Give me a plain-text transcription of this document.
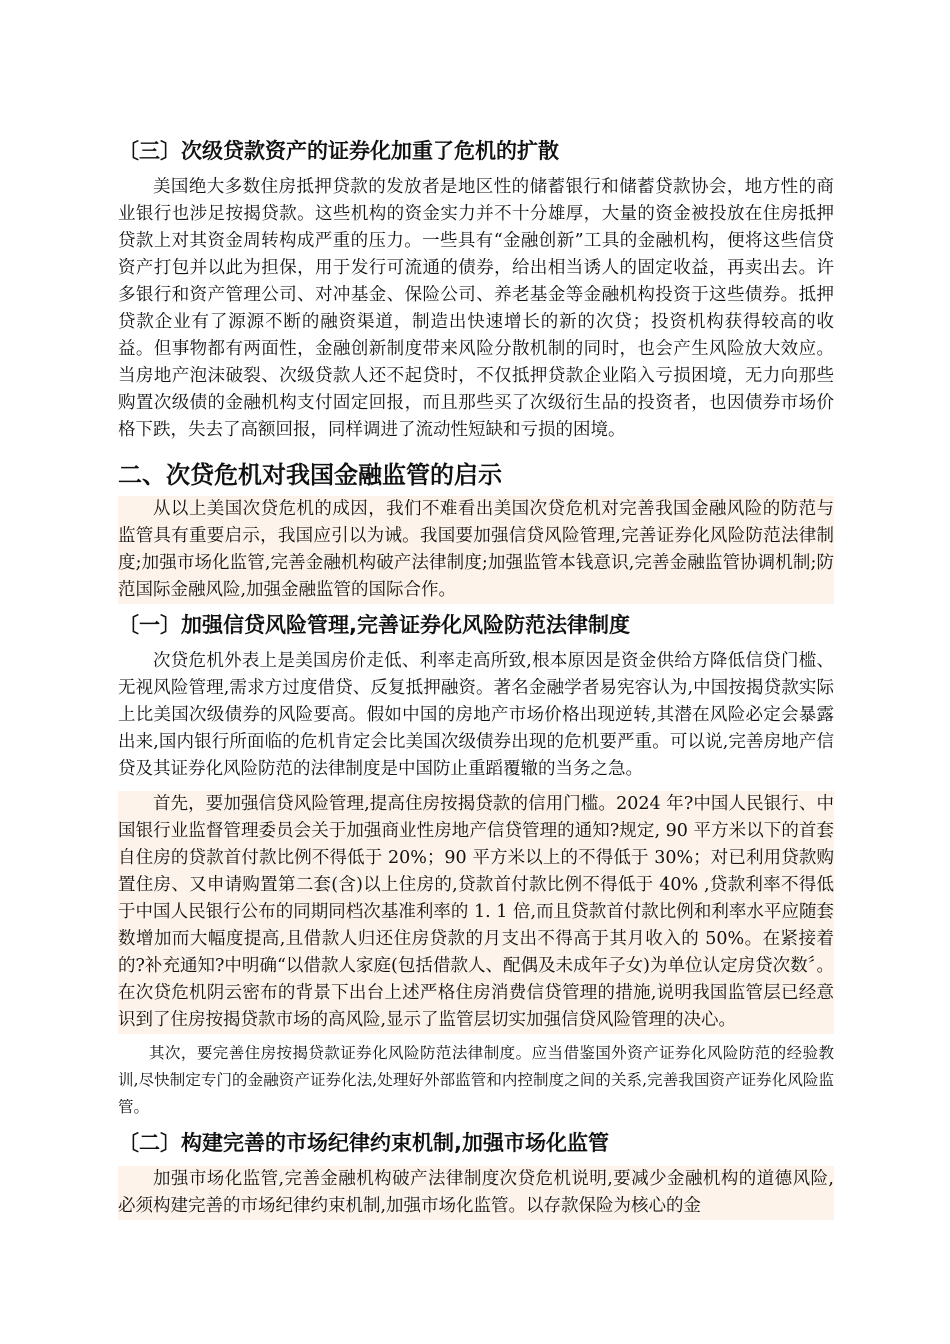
〔三〕次级贷款资产的证券化加重了危机的扩散

美国绝大多数住房抵押贷款的发放者是地区性的储蓄银行和储蓄贷款协会，地方性的商业银行也涉足按揭贷款。这些机构的资金实力并不十分雄厚，大量的资金被投放在住房抵押贷款上对其资金周转构成严重的压力。一些具有“金融创新”工具的金融机构，便将这些信贷资产打包并以此为担保，用于发行可流通的债券，给出相当诱人的固定收益，再卖出去。许多银行和资产管理公司、对冲基金、保险公司、养老基金等金融机构投资于这些债券。抵押贷款企业有了源源不断的融资渠道，制造出快速增长的新的次贷；投资机构获得较高的收益。但事物都有两面性，金融创新制度带来风险分散机制的同时，也会产生风险放大效应。当房地产泡沫破裂、次级贷款人还不起贷时，不仅抵押贷款企业陷入亏损困境，无力向那些购置次级债的金融机构支付固定回报，而且那些买了次级衍生品的投资者，也因债券市场价格下跌，失去了高额回报，同样调进了流动性短缺和亏损的困境。

二、次贷危机对我国金融监管的启示

从以上美国次贷危机的成因，我们不难看出美国次贷危机对完善我国金融风险的防范与监管具有重要启示，我国应引以为诫。我国要加强信贷风险管理,完善证券化风险防范法律制度;加强市场化监管,完善金融机构破产法律制度;加强监管本钱意识,完善金融监管协调机制;防范国际金融风险,加强金融监管的国际合作。

〔一〕加强信贷风险管理,完善证券化风险防范法律制度

次贷危机外表上是美国房价走低、利率走高所致,根本原因是资金供给方降低信贷门槛、无视风险管理,需求方过度借贷、反复抵押融资。著名金融学者易宪容认为,中国按揭贷款实际上比美国次级债券的风险要高。假如中国的房地产市场价格出现逆转,其潜在风险必定会暴露出来,国内银行所面临的危机肯定会比美国次级债券出现的危机要严重。可以说,完善房地产信贷及其证券化风险防范的法律制度是中国防止重蹈覆辙的当务之急。

首先，要加强信贷风险管理,提高住房按揭贷款的信用门槛。2024 年?中国人民银行、中国银行业监督管理委员会关于加强商业性房地产信贷管理的通知?规定, 90 平方米以下的首套自住房的贷款首付款比例不得低于 20%；90 平方米以上的不得低于 30%；对已利用贷款购置住房、又申请购置第二套(含)以上住房的,贷款首付款比例不得低于 40% ,贷款利率不得低于中国人民银行公布的同期同档次基准利率的 1. 1 倍,而且贷款首付款比例和利率水平应随套数增加而大幅度提高,且借款人归还住房贷款的月支出不得高于其月收入的 50%。在紧接着的?补充通知?中明确“以借款人家庭(包括借款人、配偶及未成年子女)为单位认定房贷次数〞。在次贷危机阴云密布的背景下出台上述严格住房消费信贷管理的措施,说明我国监管层已经意识到了住房按揭贷款市场的高风险,显示了监管层切实加强信贷风险管理的决心。

其次，要完善住房按揭贷款证券化风险防范法律制度。应当借鉴国外资产证券化风险防范的经验教训,尽快制定专门的金融资产证券化法,处理好外部监管和内控制度之间的关系,完善我国资产证券化风险监管。

〔二〕构建完善的市场纪律约束机制,加强市场化监管

加强市场化监管,完善金融机构破产法律制度次贷危机说明,要减少金融机构的道德风险,必须构建完善的市场纪律约束机制,加强市场化监管。以存款保险为核心的金
